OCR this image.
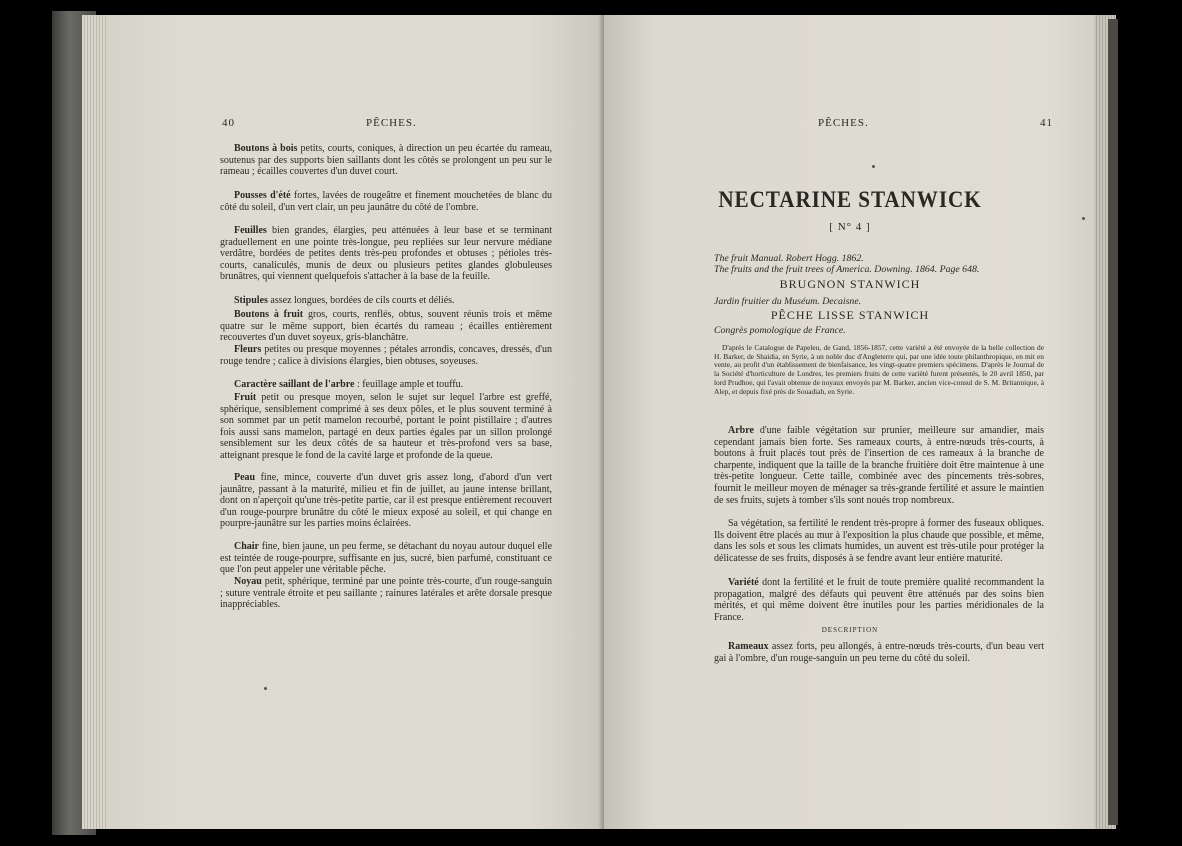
40	PÊCHES.

Boutons à bois petits, courts, coniques, à direction un peu écartée du rameau, soutenus par des supports bien saillants dont les côtés se prolongent un peu sur le rameau ; écailles couvertes d'un duvet court.

Pousses d'été fortes, lavées de rougeâtre et finement mouchetées de blanc du côté du soleil, d'un vert clair, un peu jaunâtre du côté de l'ombre.

Feuilles bien grandes, élargies, peu atténuées à leur base et se terminant graduellement en une pointe très-longue, peu repliées sur leur nervure médiane verdâtre, bordées de petites dents très-peu profondes et obtuses ; pétioles très-courts, canaliculés, munis de deux ou plusieurs petites glandes globuleuses brunâtres, qui viennent quelquefois s'attacher à la base de la feuille.

Stipules assez longues, bordées de cils courts et déliés.

Boutons à fruit gros, courts, renflés, obtus, souvent réunis trois et même quatre sur le même support, bien écartés du rameau ; écailles entièrement recouvertes d'un duvet soyeux, gris-blanchâtre.

Fleurs petites ou presque moyennes ; pétales arrondis, concaves, dressés, d'un rouge tendre ; calice à divisions élargies, bien obtuses, soyeuses.

Caractère saillant de l'arbre : feuillage ample et touffu.

Fruit petit ou presque moyen, selon le sujet sur lequel l'arbre est greffé, sphérique, sensiblement comprimé à ses deux pôles, et le plus souvent terminé à son sommet par un petit mamelon recourbé, portant le point pistillaire ; d'autres fois aussi sans mamelon, partagé en deux parties égales par un sillon prolongé sensiblement sur les deux côtés de sa hauteur et très-profond vers sa base, atteignant presque le fond de la cavité large et profonde de la queue.

Peau fine, mince, couverte d'un duvet gris assez long, d'abord d'un vert jaunâtre, passant à la maturité, milieu et fin de juillet, au jaune intense brillant, dont on n'aperçoit qu'une très-petite partie, car il est presque entièrement recouvert d'un rouge-pourpre brunâtre du côté le mieux exposé au soleil, et qui change en pourpre-jaunâtre sur les parties moins éclairées.

Chair fine, bien jaune, un peu ferme, se détachant du noyau autour duquel elle est teintée de rouge-pourpre, suffisante en jus, sucré, bien parfumé, constituant ce que l'on peut appeler une véritable pêche.

Noyau petit, sphérique, terminé par une pointe très-courte, d'un rouge-sanguin ; suture ventrale étroite et peu saillante ; rainures latérales et arête dorsale presque inappréciables.

PÊCHES.	41
NECTARINE STANWICK
[ N° 4 ]
The fruit Manual. Robert Hogg. 1862.
The fruits and the fruit trees of America. Downing. 1864. Page 648.
BRUGNON STANWICH
Jardin fruitier du Muséum. Decaisne.
PÊCHE LISSE STANWICH
Congrès pomologique de France.

D'après le Catalogue de Papeleu, de Gand, 1856-1857, cette variété a été envoyée de la belle collection de H. Barker, de Shaidia, en Syrie, à un noble duc d'Angleterre qui, par une idée toute philanthropique, en mit en vente, au profit d'un établissement de bienfaisance, les vingt-quatre premiers spécimens. D'après le Journal de la Société d'horticulture de Londres, les premiers fruits de cette variété furent présentés, le 20 avril 1850, par lord Prudhoe, qui l'avait obtenue de noyaux envoyés par M. Barker, ancien vice-consul de S. M. Britannique, à Alep, et depuis fixé près de Souadiah, en Syrie.

Arbre d'une faible végétation sur prunier, meilleure sur amandier, mais cependant jamais bien forte. Ses rameaux courts, à entre-nœuds très-courts, à boutons à fruit placés tout près de l'insertion de ces rameaux à la branche de charpente, indiquent que la taille de la branche fruitière doit être maintenue à une très-petite longueur. Cette taille, combinée avec des pincements très-sobres, fournit le meilleur moyen de ménager sa très-grande fertilité et assure le maintien de ses fruits, sujets à tomber s'ils sont noués trop nombreux.

Sa végétation, sa fertilité le rendent très-propre à former des fuseaux obliques. Ils doivent être placés au mur à l'exposition la plus chaude que possible, et même, dans les sols et sous les climats humides, un auvent est très-utile pour protéger la délicatesse de ses fruits, disposés à se fendre avant leur entière maturité.

Variété dont la fertilité et le fruit de toute première qualité recommandent la propagation, malgré des défauts qui peuvent être atténués par des soins bien mérités, et qui même doivent être inutiles pour les parties méridionales de la France.

DESCRIPTION

Rameaux assez forts, peu allongés, à entre-nœuds très-courts, d'un beau vert gai à l'ombre, d'un rouge-sanguin un peu terne du côté du soleil.
